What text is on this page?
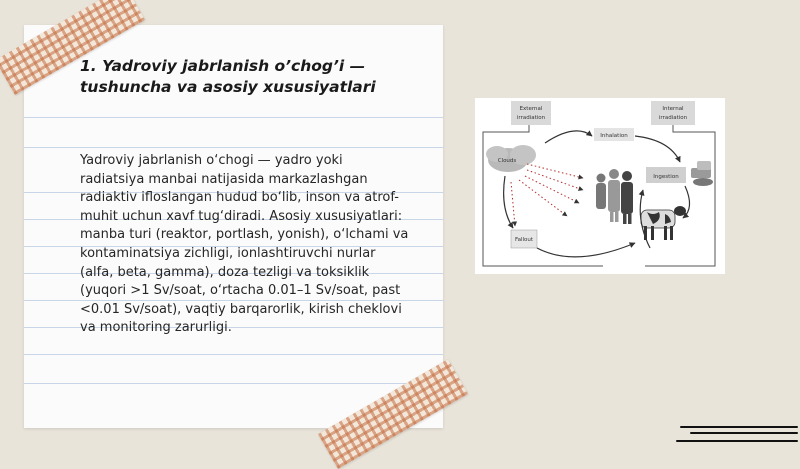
1. Yadroviy jabrlanish o’chog’i — tushuncha va asosiy xususiyatlari

Yadroviy jabrlanish o‘chogi — yadro yoki radiatsiya manbai natijasida markazlashgan radiaktiv ifloslangan hudud bo‘lib, inson va atrof-muhit uchun xavf tug‘diradi. Asosiy xususiyatlari: manba turi (reaktor, portlash, yonish), o‘lchami va kontaminatsiya zichligi, ionlashtiruvchi nurlar (alfa, beta, gamma), doza tezligi va toksiklik (yuqori >1 Sv/soat, o‘rtacha 0.01–1 Sv/soat, past <0.01 Sv/soat), vaqtiy barqarorlik, kirish cheklovi va monitoring zarurligi.

External
irradiation
Internal
irradiation
Inhalation
Clouds
Fallout
Ingestion
